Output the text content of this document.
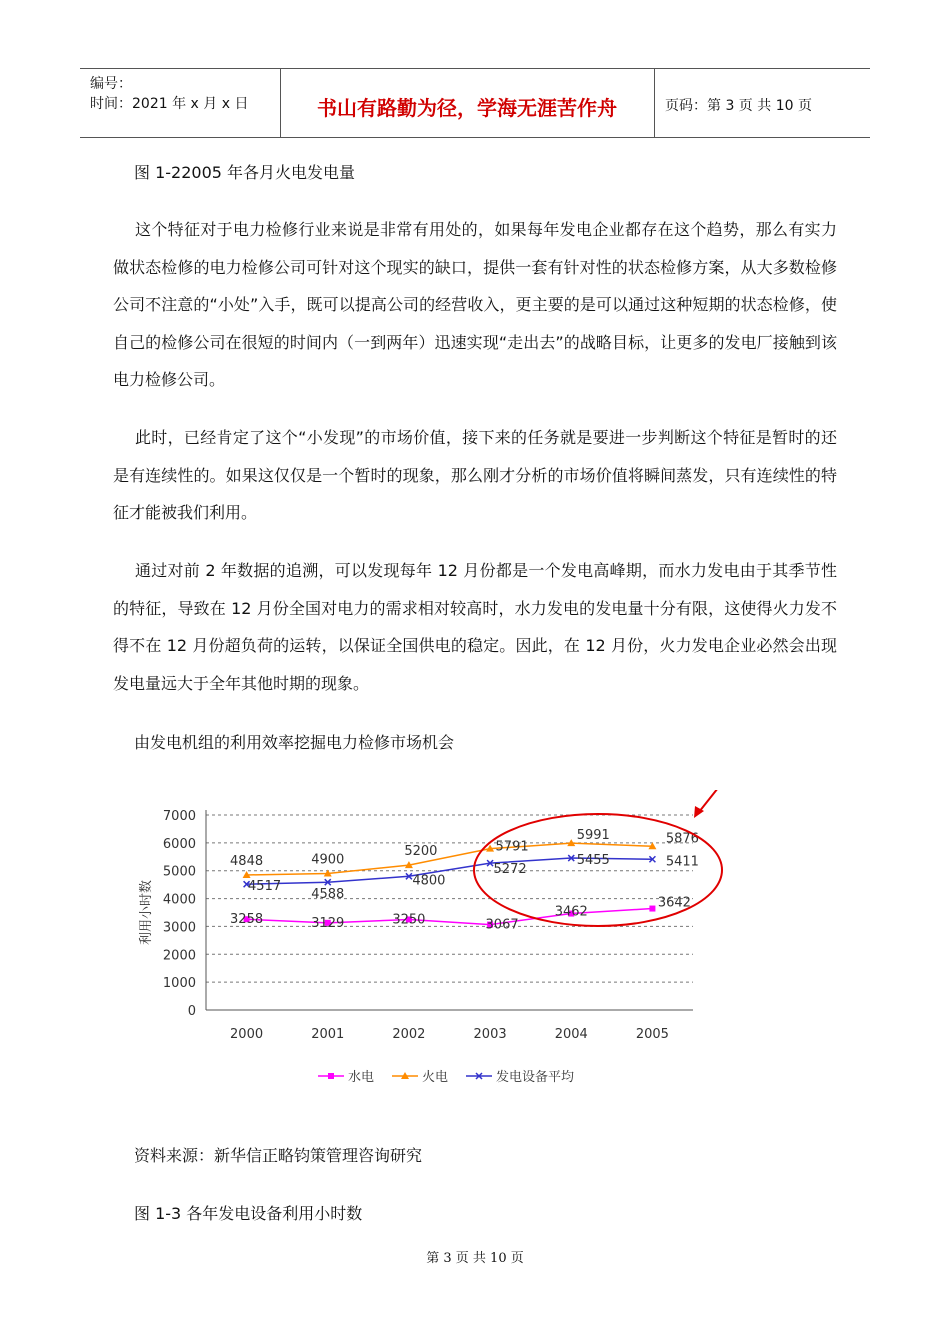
编号：
时间：2021 年 x 月 x 日	书山有路勤为径，学海无涯苦作舟	页码：第 3 页 共 10 页
图 1-22005 年各月火电发电量
这个特征对于电力检修行业来说是非常有用处的，如果每年发电企业都存在这个趋势，那么有实力做状态检修的电力检修公司可针对这个现实的缺口，提供一套有针对性的状态检修方案，从大多数检修公司不注意的“小处”入手，既可以提高公司的经营收入，更主要的是可以通过这种短期的状态检修，使自己的检修公司在很短的时间内（一到两年）迅速实现“走出去”的战略目标，让更多的发电厂接触到该电力检修公司。
此时，已经肯定了这个“小发现”的市场价值，接下来的任务就是要进一步判断这个特征是暂时的还是有连续性的。如果这仅仅是一个暂时的现象，那么刚才分析的市场价值将瞬间蒸发，只有连续性的特征才能被我们利用。
通过对前 2 年数据的追溯，可以发现每年 12 月份都是一个发电高峰期，而水力发电由于其季节性的特征，导致在 12 月份全国对电力的需求相对较高时，水力发电的发电量十分有限，这使得火力发不得不在 12 月份超负荷的运转，以保证全国供电的稳定。因此，在 12 月份，火力发电企业必然会出现发电量远大于全年其他时期的现象。
由发电机组的利用效率挖掘电力检修市场机会
0
1000
2000
3000
4000
5000
6000
7000
2000	2001	2002	2003	2004	2005
利用小时数	3258	3129	3250	3067
3462
3642
4848	4900
5200	5791
5991	5876
4517
4588
4800
5272
5455	5411
水电	火电	发电设备平均
资料来源：新华信正略钧策管理咨询研究
图 1-3 各年发电设备利用小时数
第 3 页 共 10 页
